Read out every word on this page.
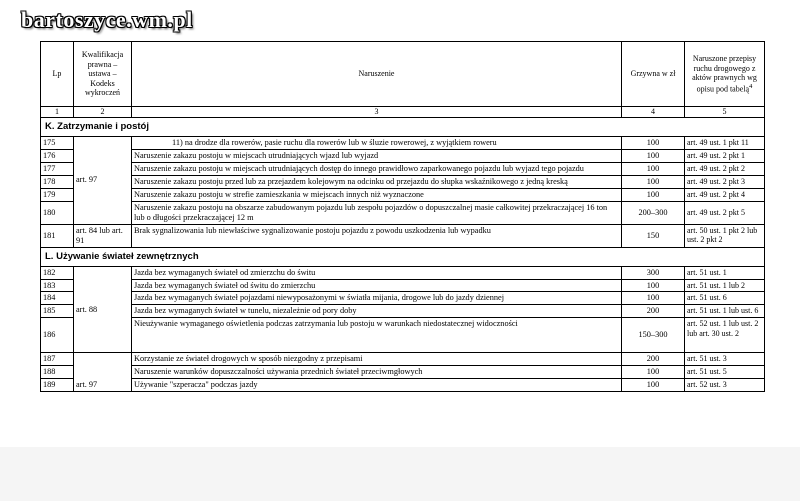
bartoszyce.wm.pl
Lp	Kwalifikacja prawna – ustawa – Kodeks wykroczeń	Naruszenie	Grzywna w zł	Naruszone przepisy ruchu drogowego z aktów prawnych wg opisu pod tabelą$^4$
1	2	3	4	5
K. Zatrzymanie i postój				
175	art. 97	11) na drodze dla rowerów, pasie ruchu dla rowerów lub w śluzie rowerowej, z wyjątkiem roweru	100	art. 49 ust. 1 pkt 11
176		Naruszenie zakazu postoju w miejscach utrudniających wjazd lub wyjazd	100	art. 49 ust. 2 pkt 1
177		Naruszenie zakazu postoju w miejscach utrudniających dostęp do innego prawidłowo zaparkowanego pojazdu lub wyjazd tego pojazdu	100	art. 49 ust. 2 pkt 2
178		Naruszenie zakazu postoju przed lub za przejazdem kolejowym na odcinku od przejazdu do słupka wskaźnikowego z jedną kreską	100	art. 49 ust. 2 pkt 3
179		Naruszenie zakazu postoju w strefie zamieszkania w miejscach innych niż wyznaczone	100	art. 49 ust. 2 pkt 4
180		Naruszenie zakazu postoju na obszarze zabudowanym pojazdu lub zespołu pojazdów o dopuszczalnej masie całkowitej przekraczającej 16 ton lub o długości przekraczającej 12 m	200–300	art. 49 ust. 2 pkt 5
181	art. 84 lub art. 91	Brak sygnalizowania lub niewłaściwe sygnalizowanie postoju pojazdu z powodu uszkodzenia lub wypadku	150	art. 50 ust. 1 pkt 2 lub ust. 2 pkt 2
L. Używanie świateł zewnętrznych				
182	art. 88	Jazda bez wymaganych świateł od zmierzchu do świtu	300	art. 51 ust. 1
183		Jazda bez wymaganych świateł od świtu do zmierzchu	100	art. 51 ust. 1 lub 2
184		Jazda bez wymaganych świateł pojazdami niewyposażonymi w światła mijania, drogowe lub do jazdy dziennej	100	art. 51 ust. 6
185		Jazda bez wymaganych świateł w tunelu, niezależnie od pory doby	200	art. 51 ust. 1 lub ust. 6
186		Nieużywanie wymaganego oświetlenia podczas zatrzymania lub postoju w warunkach niedostatecznej widoczności	150–300	art. 52 ust. 1 lub ust. 2 lub art. 30 ust. 2
187	art. 97	Korzystanie ze świateł drogowych w sposób niezgodny z przepisami	200	art. 51 ust. 3
188		Naruszenie warunków dopuszczalności używania przednich świateł przeciwmgłowych	100	art. 51 ust. 5
189		Używanie "szperacza" podczas jazdy	100	art. 52 ust. 3
